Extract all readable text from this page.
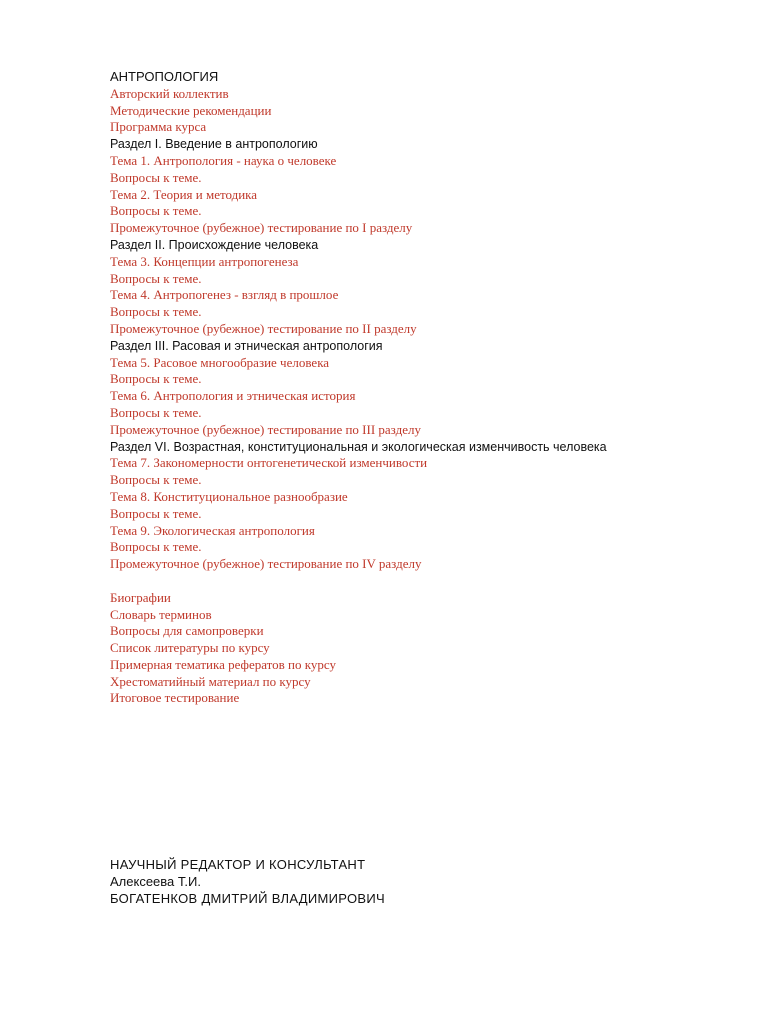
АНТРОПОЛОГИЯ
Авторский коллектив
Методические рекомендации
Программа курса
Раздел I. Введение в антропологию
Тема 1. Антропология - наука о человеке
Вопросы к теме.
Тема 2. Теория и методика
Вопросы к теме.
Промежуточное (рубежное) тестирование по I разделу
Раздел II. Происхождение человека
Тема 3. Концепции антропогенеза
Вопросы к теме.
Тема 4. Антропогенез - взгляд в прошлое
Вопросы к теме.
Промежуточное (рубежное) тестирование по II разделу
Раздел III. Расовая и этническая антропология
Тема 5. Расовое многообразие человека
Вопросы к теме.
Тема 6. Антропология и этническая история
Вопросы к теме.
Промежуточное (рубежное) тестирование по III разделу
Раздел VI. Возрастная, конституциональная и экологическая изменчивость человека
Тема 7. Закономерности онтогенетической изменчивости
Вопросы к теме.
Тема 8. Конституциональное разнообразие
Вопросы к теме.
Тема 9. Экологическая антропология
Вопросы к теме.
Промежуточное (рубежное) тестирование по IV разделу
Биографии
Словарь терминов
Вопросы для самопроверки
Список литературы по курсу
Примерная тематика рефератов по курсу
Хрестоматийный материал по курсу
Итоговое тестирование
НАУЧНЫЙ РЕДАКТОР И КОНСУЛЬТАНТ
Алексеева Т.И.
БОГАТЕНКОВ ДМИТРИЙ ВЛАДИМИРОВИЧ
